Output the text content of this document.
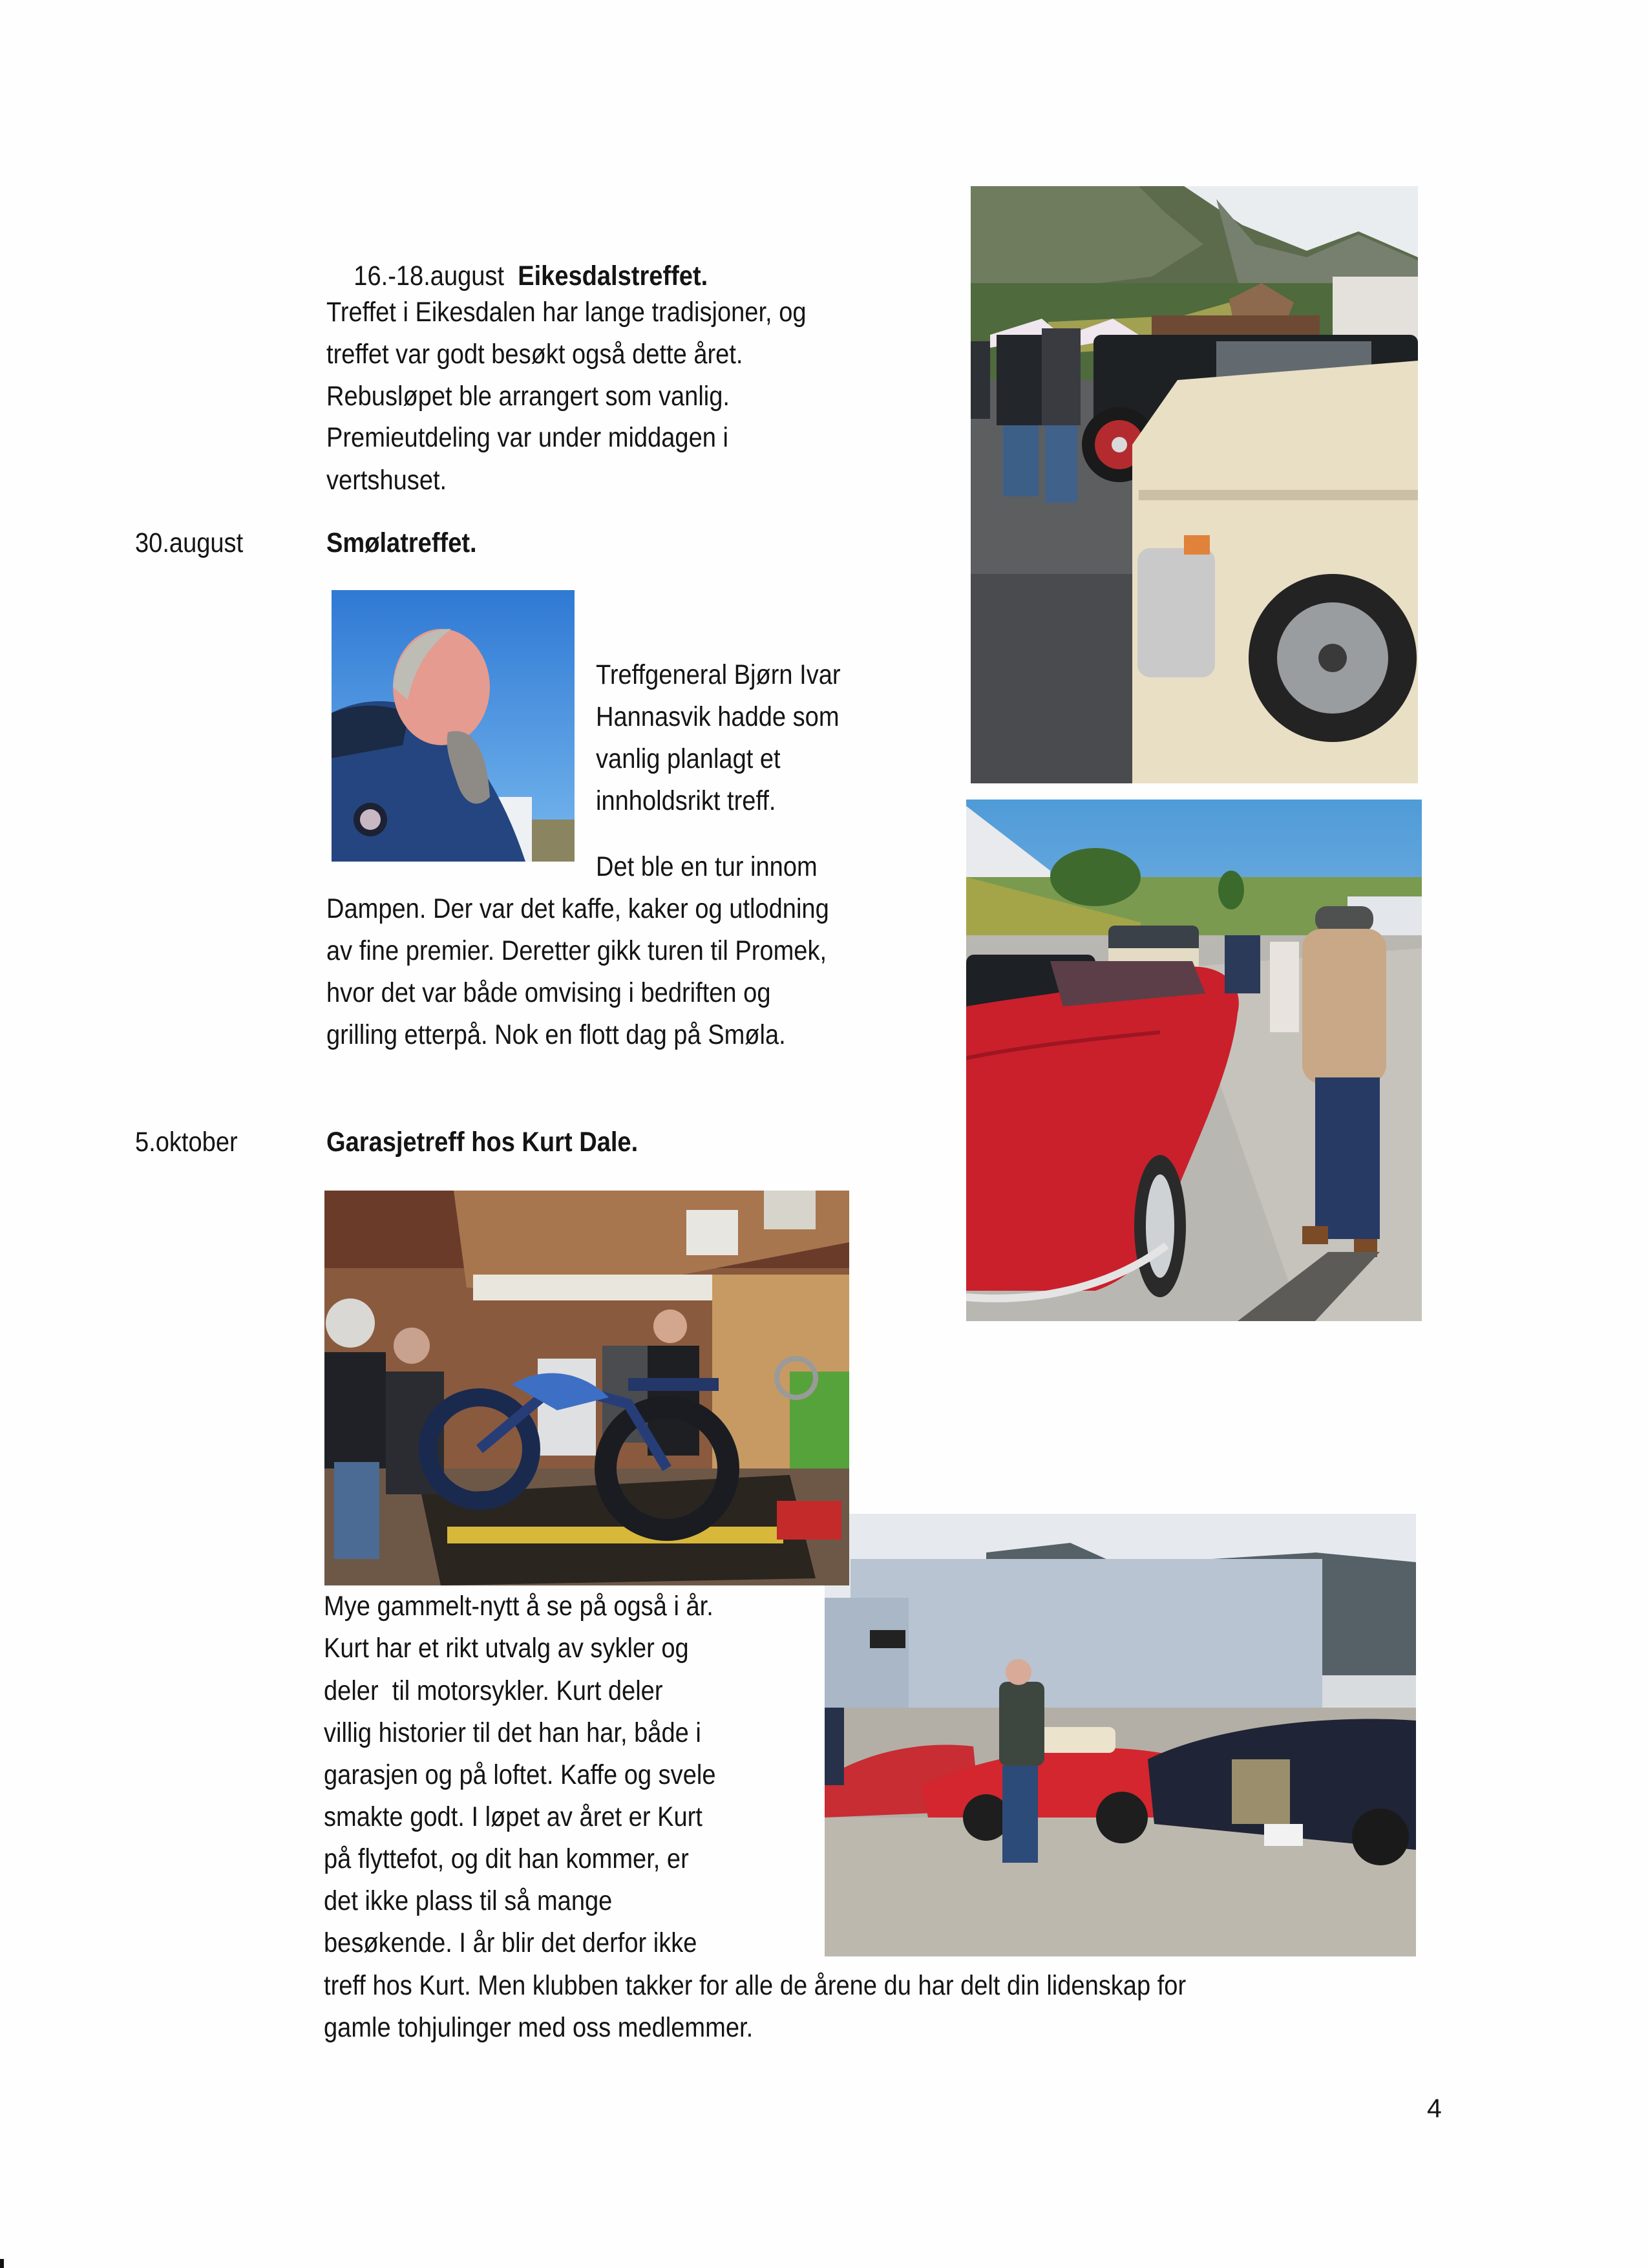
16.-18.august Eikesdalstreffet.

Treffet i Eikesdalen har lange tradisjoner, og
treffet var godt besøkt også dette året.
Rebusløpet ble arrangert som vanlig.
Premieutdeling var under middagen i
vertshuset.
30.august	Smølatreffet.
Treffgeneral Bjørn Ivar
Hannasvik hadde som
vanlig planlagt et
innholdsrikt treff.
Det ble en tur innom
Dampen. Der var det kaffe, kaker og utlodning
av fine premier. Deretter gikk turen til Promek,
hvor det var både omvising i bedriften og
grilling etterpå. Nok en flott dag på Smøla.
5.oktober	Garasjetreff hos Kurt Dale.
Mye gammelt-nytt å se på også i år.
Kurt har et rikt utvalg av sykler og
deler  til motorsykler. Kurt deler
villig historier til det han har, både i
garasjen og på loftet. Kaffe og svele
smakte godt. I løpet av året er Kurt
på flyttefot, og dit han kommer, er
det ikke plass til så mange
besøkende. I år blir det derfor ikke
treff hos Kurt. Men klubben takker for alle de årene du har delt din lidenskap for
gamle tohjulinger med oss medlemmer.
4
